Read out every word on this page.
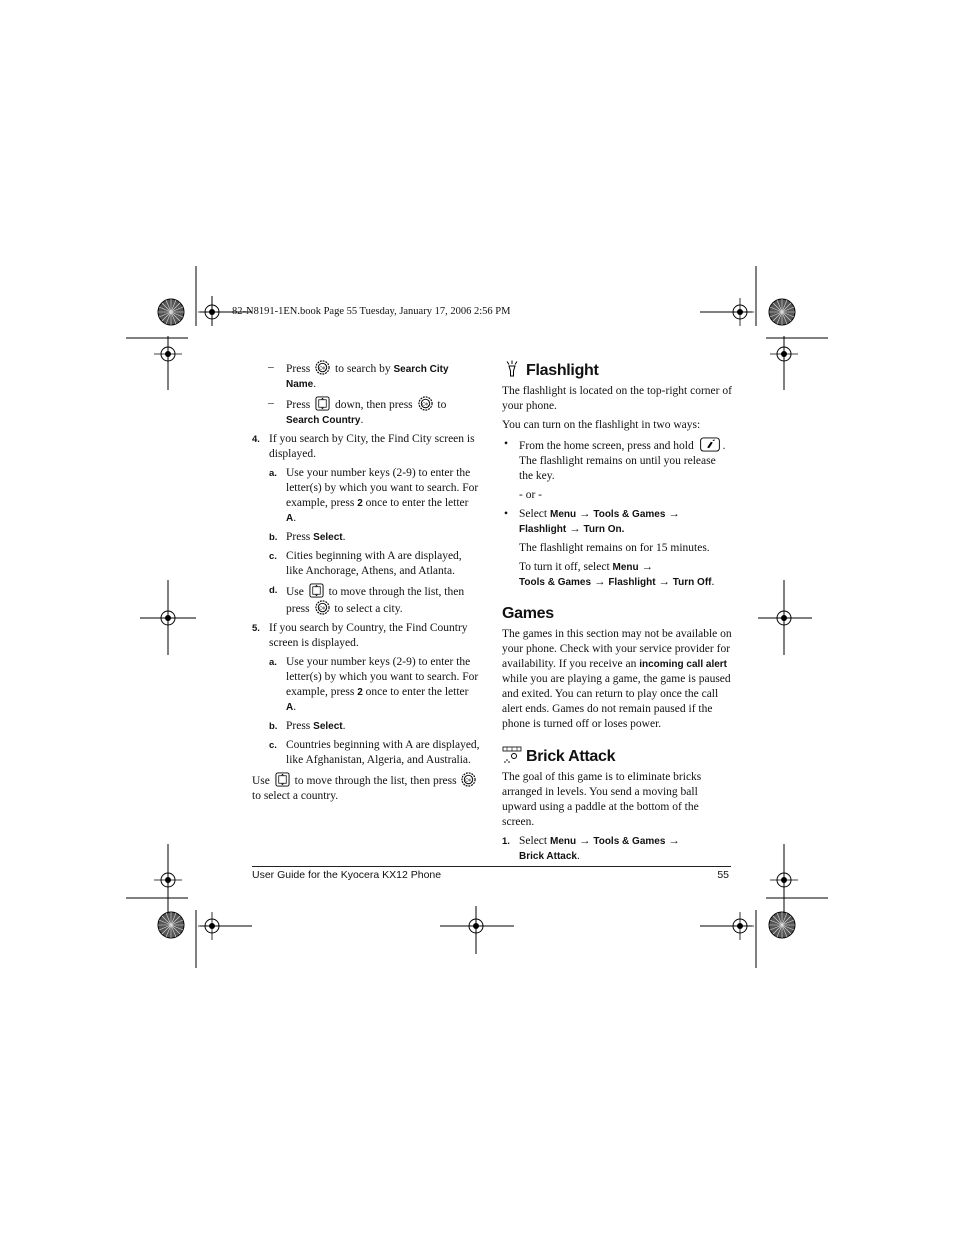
82-N8191-1EN.book Page 55 Tuesday, January 17, 2006 2:56 PM
– Press OK to search by Search City Name.
– Press down, then press OK to
Search Country.
4. If you search by City, the Find City screen is displayed.
a. Use your number keys (2-9) to enter the letter(s) by which you want to search. For example, press 2 once to enter the letter A.
b. Press Select.
c. Cities beginning with A are displayed, like Anchorage, Athens, and Atlanta.
d. Use to move through the list, then press OK to select a city.
5. If you search by Country, the Find Country screen is displayed.
a. Use your number keys (2-9) to enter the letter(s) by which you want to search. For example, press 2 once to enter the letter A.
b. Press Select.
c. Countries beginning with A are displayed, like Afghanistan, Algeria, and Australia.
Use to move through the list, then press OK
to select a country.
Flashlight
The flashlight is located on the top-right corner of your phone.
You can turn on the flashlight in two ways:
• From the home screen, press and hold	. The flashlight remains on until you release the key.
- or -
• Select Menu → Tools & Games →
Flashlight → Turn On.
The flashlight remains on for 15 minutes.
To turn it off, select Menu →
Tools & Games → Flashlight → Turn Off.
Games
The games in this section may not be available on your phone. Check with your service provider for availability. If you receive an incoming call alert while you are playing a game, the game is paused and exited. You can return to play once the call alert ends. Games do not remain paused if the phone is turned off or loses power.
Brick Attack
The goal of this game is to eliminate bricks arranged in levels. You send a moving ball upward using a paddle at the bottom of the screen.
1. Select Menu → Tools & Games →
Brick Attack.
User Guide for the Kyocera KX12 Phone	55
